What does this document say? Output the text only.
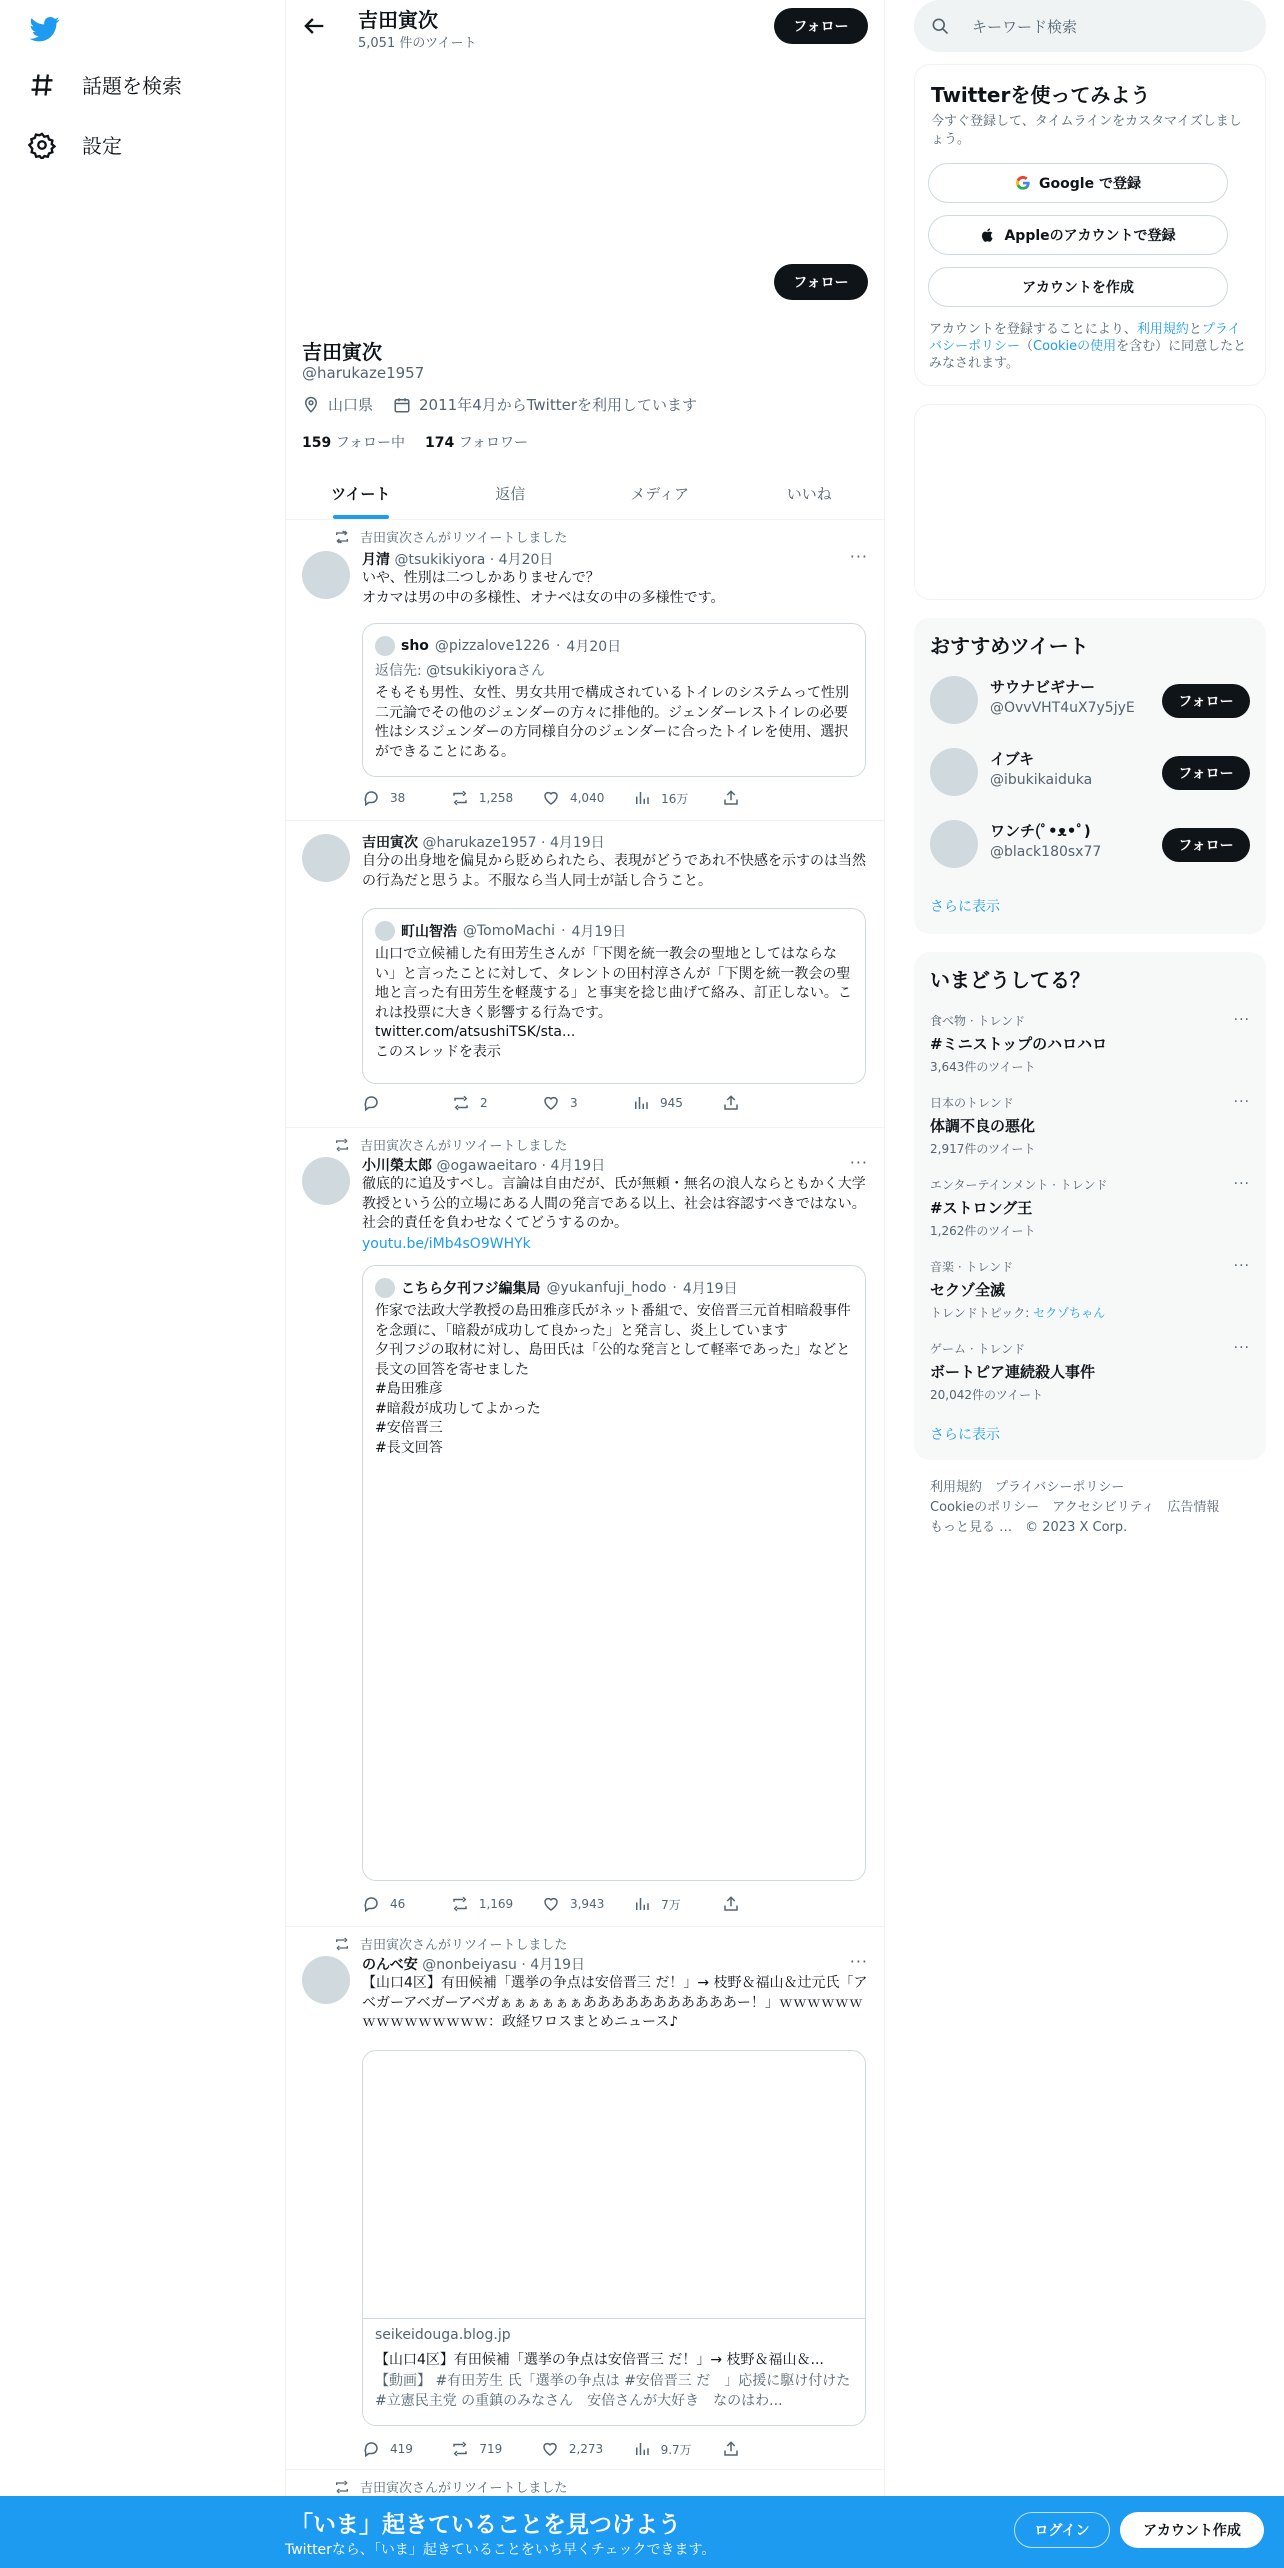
話題を検索
設定
吉田寅次
5,051 件のツイート
フォロー
フォロー
吉田寅次
@harukaze1957
山口県	2011年4月からTwitterを利用しています
159 フォロー中 174 フォロワー
ツイート	返信	メディア	いいね
吉田寅次さんがリツイートしました
月清 @tsukikiyora · 4月20日	···
いや、性別は二つしかありませんで？
オカマは男の中の多様性、オナベは女の中の多様性です。
sho @pizzalove1226 · 4月20日
返信先: @tsukikiyoraさん
そもそも男性、女性、男女共用で構成されているトイレのシステムって性別二元論でその他のジェンダーの方々に排他的。ジェンダーレストイレの必要性はシスジェンダーの方同様自分のジェンダーに合ったトイレを使用、選択ができることにある。
38	1,258	4,040	16万
吉田寅次 @harukaze1957 · 4月19日
自分の出身地を偏見から貶められたら、表現がどうであれ不快感を示すのは当然の行為だと思うよ。不服なら当人同士が話し合うこと。
町山智浩 @TomoMachi · 4月19日
山口で立候補した有田芳生さんが「下関を統一教会の聖地としてはならない」と言ったことに対して、タレントの田村淳さんが「下関を統一教会の聖地と言った有田芳生を軽蔑する」と事実を捻じ曲げて絡み、訂正しない。これは投票に大きく影響する行為です。
twitter.com/atsushiTSK/sta...
このスレッドを表示
2	3	945
吉田寅次さんがリツイートしました
小川榮太郎 @ogawaeitaro · 4月19日	···
徹底的に追及すべし。言論は自由だが、氏が無頼・無名の浪人ならともかく大学教授という公的立場にある人間の発言である以上、社会は容認すべきではない。社会的責任を負わせなくてどうするのか。
youtu.be/iMb4sO9WHYk
こちら夕刊フジ編集局 @yukanfuji_hodo · 4月19日
作家で法政大学教授の島田雅彦氏がネット番組で、安倍晋三元首相暗殺事件を念頭に、「暗殺が成功して良かった」と発言し、炎上しています
夕刊フジの取材に対し、島田氏は「公的な発言として軽率であった」などと長文の回答を寄せました
#島田雅彦
#暗殺が成功してよかった
#安倍晋三
#長文回答
46	1,169	3,943	7万
吉田寅次さんがリツイートしました
のんべ安 @nonbeiyasu · 4月19日	···
【山口4区】有田候補「選挙の争点は安倍晋三 だ！」→ 枝野＆福山＆辻元氏「アベガーアベガーアベガぁぁぁぁぁぁあああああああああああー！」ｗｗｗｗｗｗｗｗｗｗｗｗｗｗｗ：政経ワロスまとめニュース♪
seikeidouga.blog.jp
【山口4区】有田候補「選挙の争点は安倍晋三 だ！」→ 枝野＆福山＆...
【動画】 #有田芳生 氏「選挙の争点は #安倍晋三 だ　」応援に駆け付けた #立憲民主党 の重鎮のみなさん　安倍さんが大好き　なのはわ...
419	719	2,273	9.7万
吉田寅次さんがリツイートしました
キーワード検索
Twitterを使ってみよう
今すぐ登録して、タイムラインをカスタマイズしましょう。
Google で登録
Appleのアカウントで登録
アカウントを作成
アカウントを登録することにより、利用規約とプライバシーポリシー（Cookieの使用を含む）に同意したとみなされます。
おすすめツイート
サウナビギナー
@OvvVHT4uX7y5jyE	フォロー
イブキ
@ibukikaiduka	フォロー
ワンチ(ﾟ•ᴥ•ﾟ)
@black180sx77	フォロー
さらに表示
いまどうしてる？
食べ物 · トレンド
#ミニストップのハロハロ
3,643件のツイート
···
日本のトレンド
体調不良の悪化
2,917件のツイート
···
エンターテインメント · トレンド
#ストロング王
1,262件のツイート
···
音楽 · トレンド
セクゾ全滅
トレンドトピック: セクゾちゃん
···
ゲーム · トレンド
ボートピア連続殺人事件
20,042件のツイート
···
さらに表示
利用規約　プライバシーポリシー
Cookieのポリシー　アクセシビリティ　広告情報
もっと見る …　© 2023 X Corp.
「いま」起きていることを見つけよう
Twitterなら、「いま」起きていることをいち早くチェックできます。
ログイン	アカウント作成
